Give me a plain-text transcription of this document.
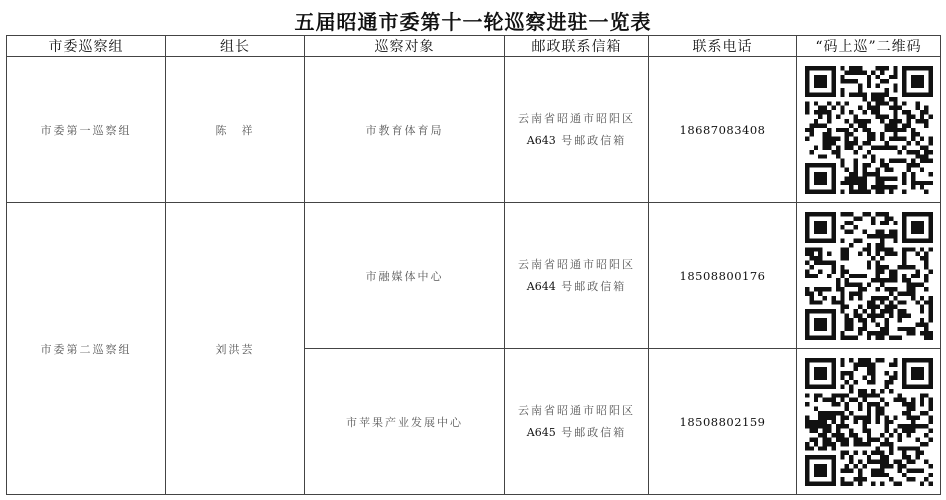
五届昭通市委第十一轮巡察进驻一览表
市委巡察组	组长	巡察对象	邮政联系信箱	联系电话	“码上巡”二维码
市委第一巡察组	陈　祥	市教育体育局	云南省昭通市昭阳区
A643 号邮政信箱	18687083408	

市委第二巡察组	刘洪芸	市融媒体中心	云南省昭通市昭阳区
A644 号邮政信箱	18508800176	

		市苹果产业发展中心	云南省昭通市昭阳区
A645 号邮政信箱	18508802159	
